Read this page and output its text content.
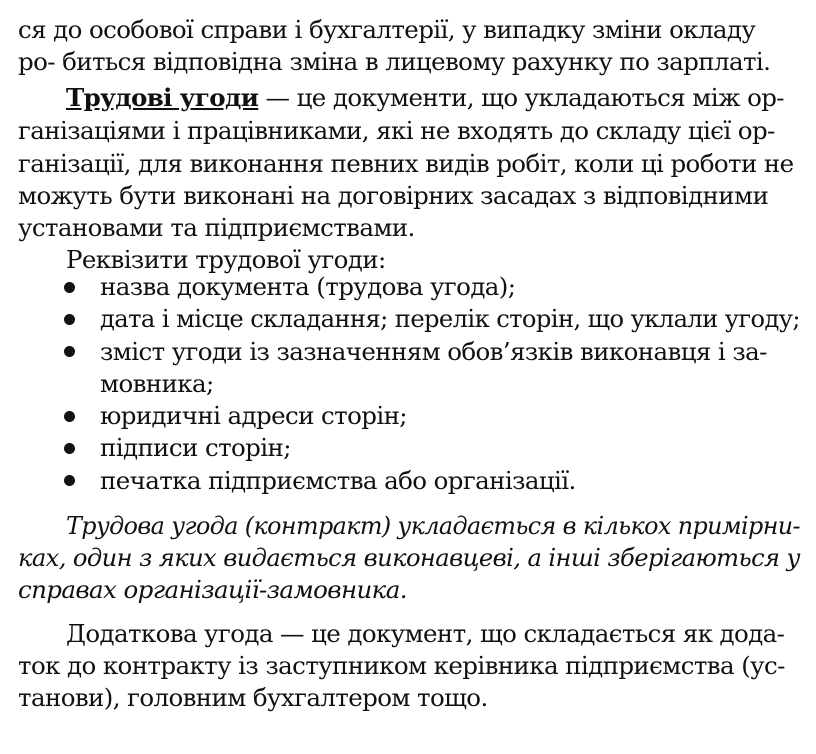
ся до особової справи і бухгалтерії, у випадку зміни окладу
ро- биться відповідна зміна в лицевому рахунку по зарплаті.
Трудові угоди — це документи, що укладаються між ор-
ганізаціями і працівниками, які не входять до складу цієї ор-
ганізації, для виконання певних видів робіт, коли ці роботи не
можуть бути виконані на договірних засадах з відповідними
установами та підприємствами.
Реквізити трудової угоди:
назва документа (трудова угода);
дата і місце складання; перелік сторін, що уклали угоду;
зміст угоди із зазначенням обов’язків виконавця і за-
мовника;
юридичні адреси сторін;
підписи сторін;
печатка підприємства або організації.
Трудова угода (контракт) укладається в кількох примірни-
ках, один з яких видається виконавцеві, а інші зберігаються у
справах організації-замовника.
Додаткова угода — це документ, що складається як додa-
ток до контракту із заступником керівника підприємства (ус-
танови), головним бухгалтером тощо.
